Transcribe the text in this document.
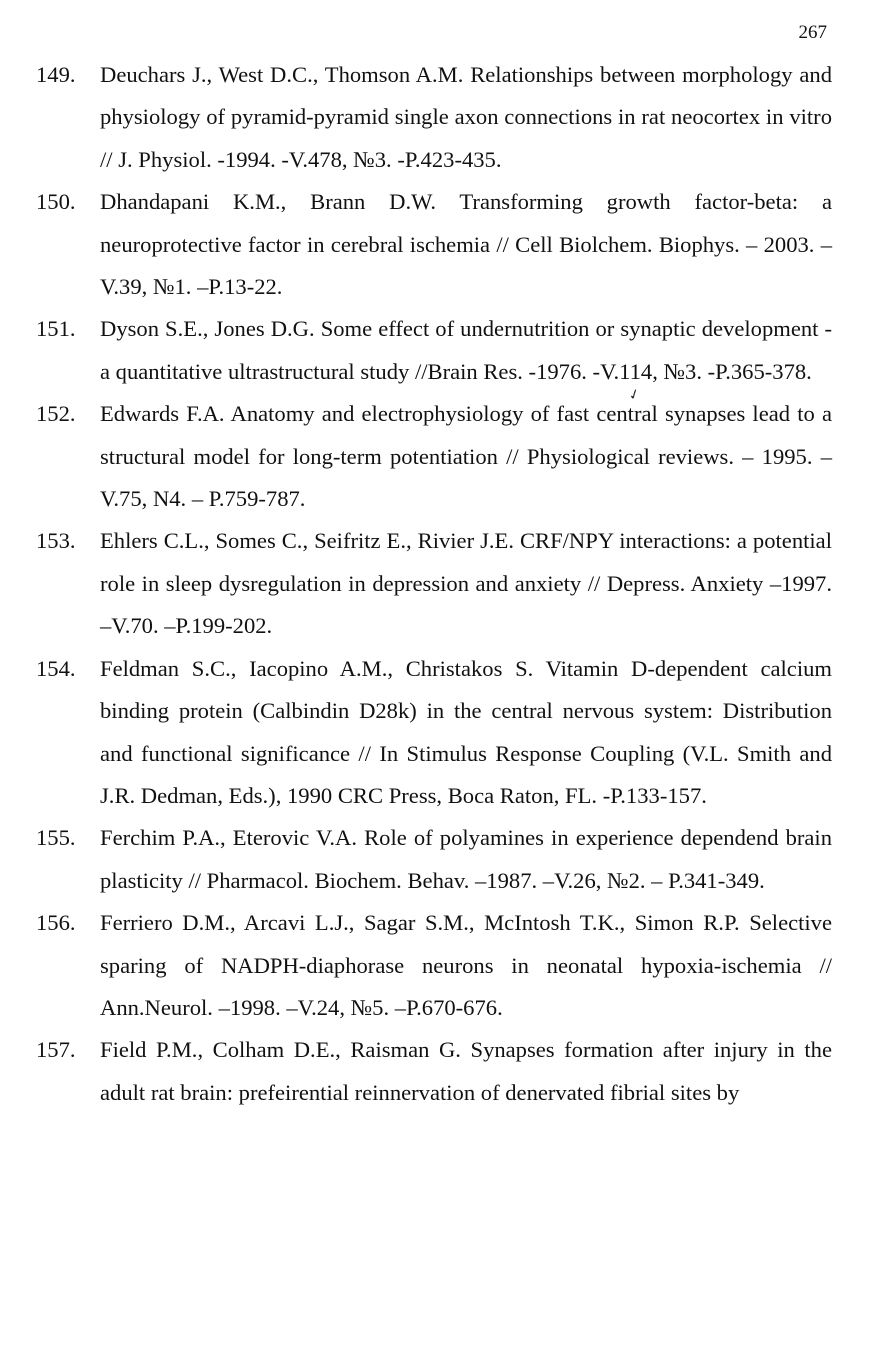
267
✓
149. Deuchars J., West D.C., Thomson A.M. Relationships between morphology and physiology of pyramid-pyramid single axon connections in rat neocortex in vitro // J. Physiol. -1994. -V.478, №3. -P.423-435.
150. Dhandapani K.M., Brann D.W. Transforming growth factor-beta: a neuroprotective factor in cerebral ischemia // Cell Biolchem. Biophys. – 2003. –V.39, №1. –P.13-22.
151. Dyson S.E., Jones D.G. Some effect of undernutrition or synaptic development - a quantitative ultrastructural study //Brain Res. -1976. -V.114, №3. -P.365-378.
152. Edwards F.A. Anatomy and electrophysiology of fast central synapses lead to a structural model for long-term potentiation // Physiological reviews. – 1995. – V.75, N4. – P.759-787.
153. Ehlers C.L., Somes C., Seifritz E., Rivier J.E. CRF/NPY interactions: a potential role in sleep dysregulation in depression and anxiety // Depress. Anxiety –1997. –V.70. –P.199-202.
154. Feldman S.C., Iacopino A.M., Christakos S. Vitamin D-dependent calcium binding protein (Calbindin D28k) in the central nervous system: Distribution and functional significance // In Stimulus Response Coupling (V.L. Smith and J.R. Dedman, Eds.), 1990 CRC Press, Boca Raton, FL. -P.133-157.
155. Ferchim P.A., Eterovic V.A. Role of polyamines in experience dependend brain plasticity // Pharmacol. Biochem. Behav. –1987. –V.26, №2. – P.341-349.
156. Ferriero D.M., Arcavi L.J., Sagar S.M., McIntosh T.K., Simon R.P. Selective sparing of NADPH-diaphorase neurons in neonatal hypoxia-ischemia // Ann.Neurol. –1998. –V.24, №5. –P.670-676.
157. Field P.M., Colham D.E., Raisman G. Synapses formation after injury in the adult rat brain: prefeirential reinnervation of denervated fibrial sites by
